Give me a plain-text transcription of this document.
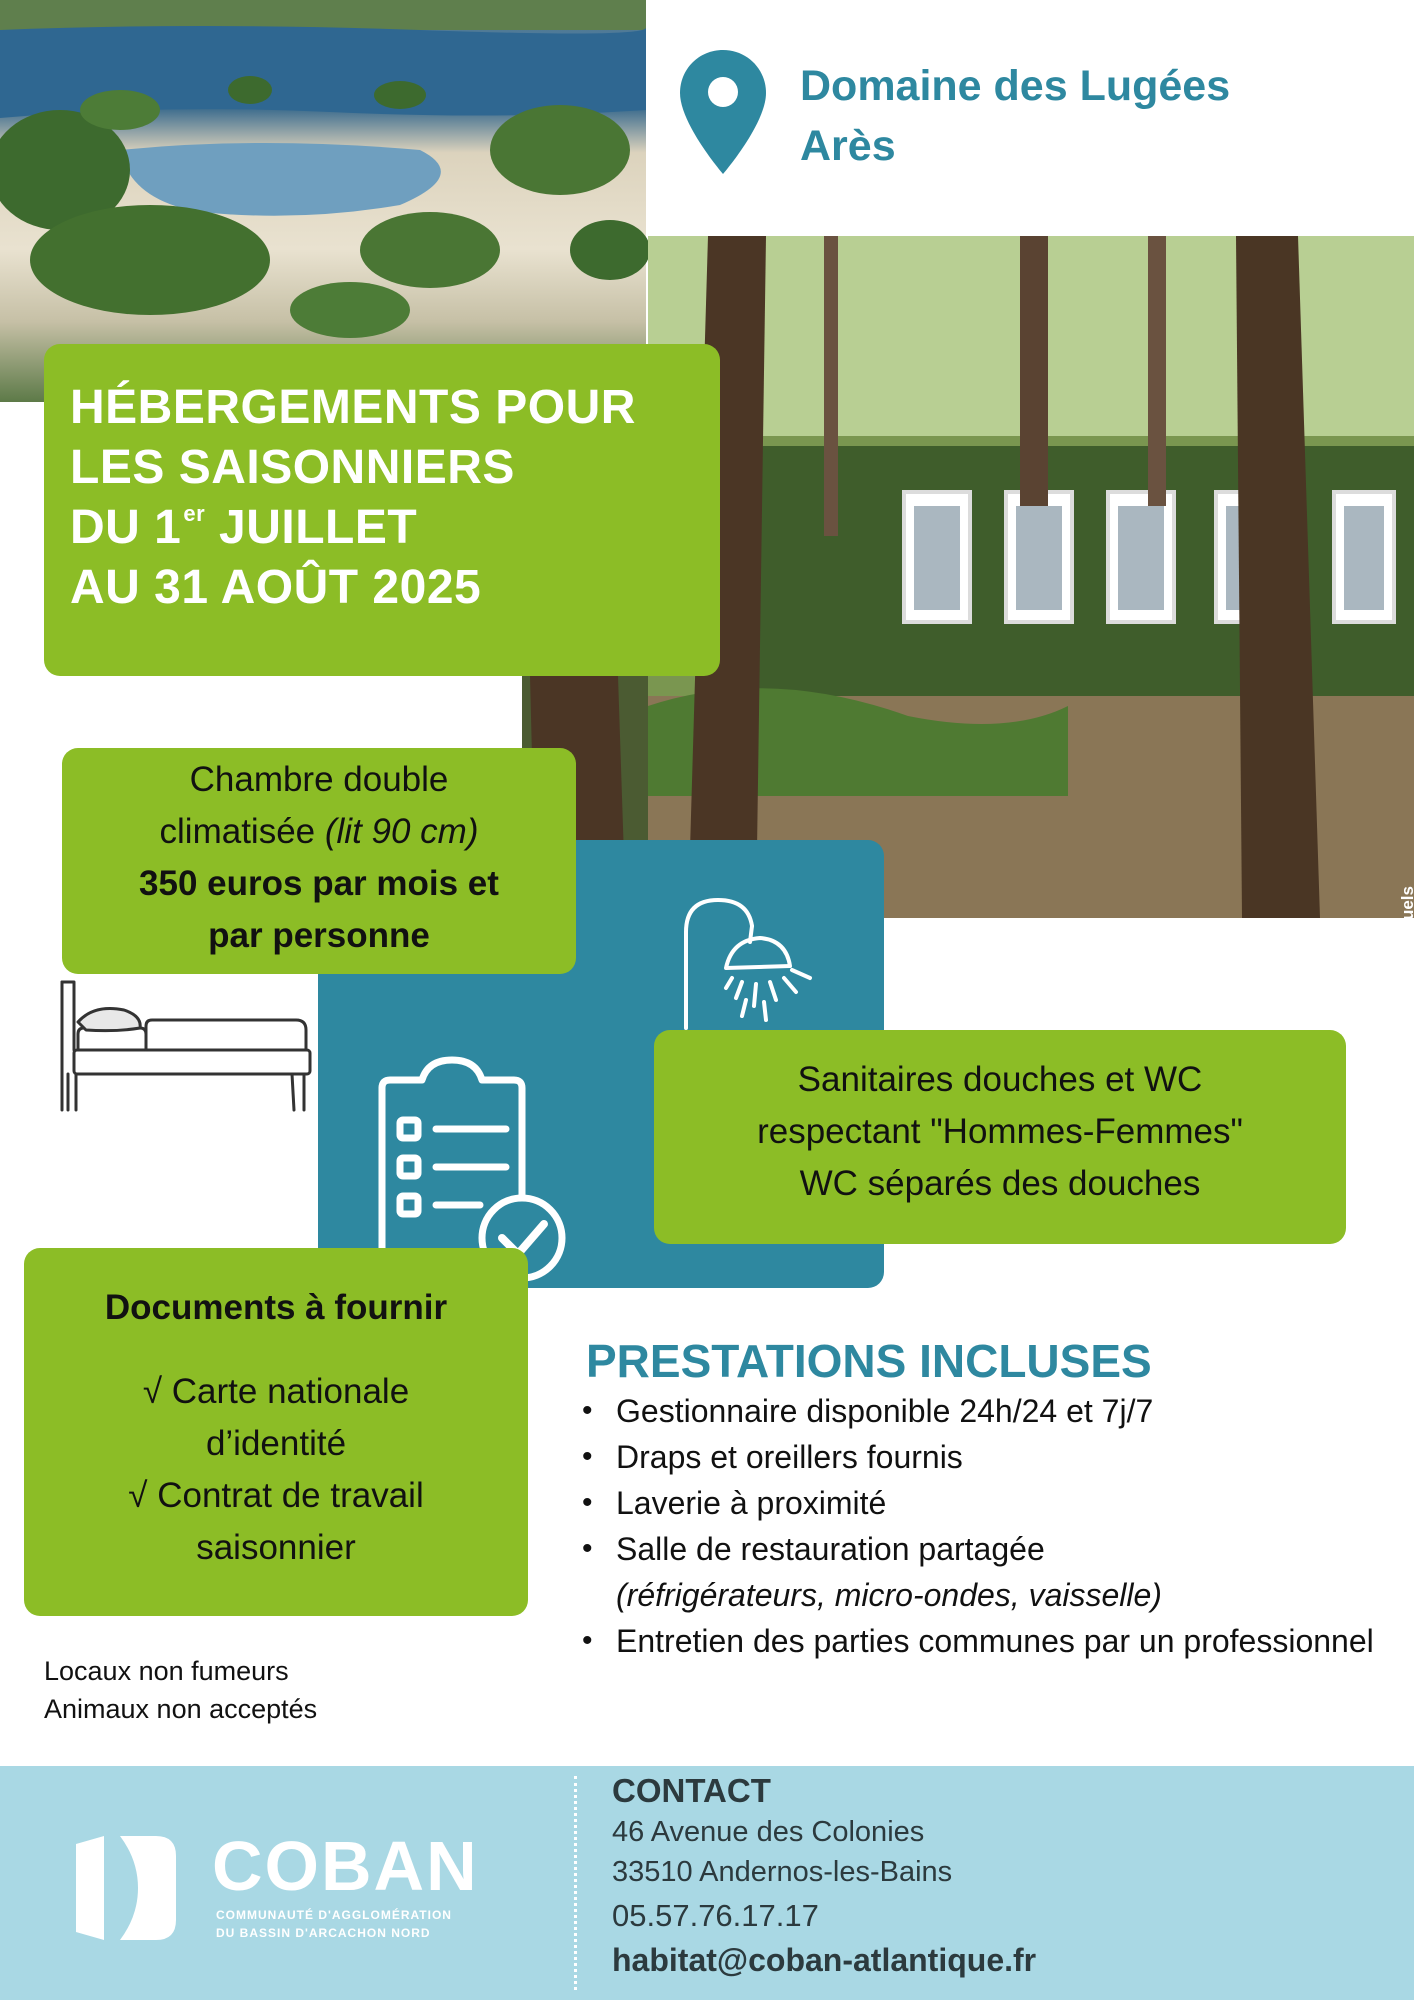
Visuels non contractuels
Domaine des Lugées
Arès
HÉBERGEMENTS POUR
LES SAISONNIERS
DU 1er JUILLET
AU 31 AOÛT 2025
Chambre double
climatisée (lit 90 cm)
350 euros par mois et
par personne
Sanitaires douches et WC
respectant "Hommes-Femmes"
WC séparés des douches
Documents à fournir
√ Carte nationale
d’identité
√ Contrat de travail
saisonnier
PRESTATIONS INCLUSES
• Gestionnaire disponible 24h/24 et 7j/7
• Draps et oreillers fournis
• Laverie à proximité
• Salle de restauration partagée
(réfrigérateurs, micro-ondes, vaisselle)
• Entretien des parties communes par un professionnel
Locaux non fumeurs
Animaux non acceptés
COBAN
COMMUNAUTÉ D'AGGLOMÉRATION
DU BASSIN D'ARCACHON NORD
CONTACT
46 Avenue des Colonies
33510 Andernos-les-Bains
05.57.76.17.17
habitat@coban-atlantique.fr
